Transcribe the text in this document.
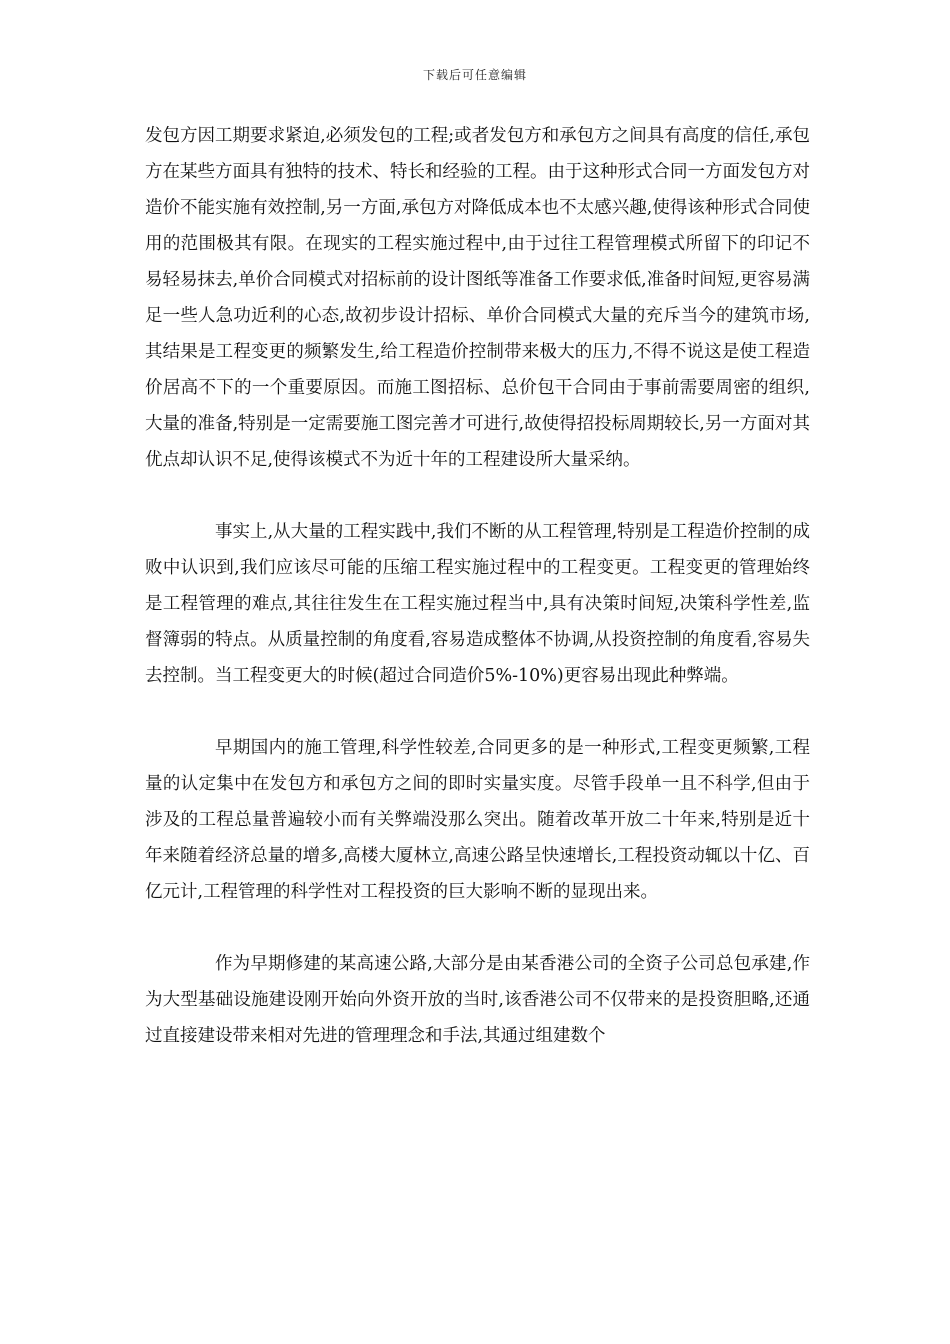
下载后可任意编辑

发包方因工期要求紧迫,必须发包的工程;或者发包方和承包方之间具有高度的信任,承包方在某些方面具有独特的技术、特长和经验的工程。由于这种形式合同一方面发包方对造价不能实施有效控制,另一方面,承包方对降低成本也不太感兴趣,使得该种形式合同使用的范围极其有限。在现实的工程实施过程中,由于过往工程管理模式所留下的印记不易轻易抹去,单价合同模式对招标前的设计图纸等准备工作要求低,准备时间短,更容易满足一些人急功近利的心态,故初步设计招标、单价合同模式大量的充斥当今的建筑市场,其结果是工程变更的频繁发生,给工程造价控制带来极大的压力,不得不说这是使工程造价居高不下的一个重要原因。而施工图招标、总价包干合同由于事前需要周密的组织,大量的准备,特别是一定需要施工图完善才可进行,故使得招投标周期较长,另一方面对其优点却认识不足,使得该模式不为近十年的工程建设所大量采纳。

事实上,从大量的工程实践中,我们不断的从工程管理,特别是工程造价控制的成败中认识到,我们应该尽可能的压缩工程实施过程中的工程变更。工程变更的管理始终是工程管理的难点,其往往发生在工程实施过程当中,具有决策时间短,决策科学性差,监督簿弱的特点。从质量控制的角度看,容易造成整体不协调,从投资控制的角度看,容易失去控制。当工程变更大的时候(超过合同造价5%-10%)更容易出现此种弊端。

早期国内的施工管理,科学性较差,合同更多的是一种形式,工程变更频繁,工程量的认定集中在发包方和承包方之间的即时实量实度。尽管手段单一且不科学,但由于涉及的工程总量普遍较小而有关弊端没那么突出。随着改革开放二十年来,特别是近十年来随着经济总量的增多,高楼大厦林立,高速公路呈快速增长,工程投资动辄以十亿、百亿元计,工程管理的科学性对工程投资的巨大影响不断的显现出来。

作为早期修建的某高速公路,大部分是由某香港公司的全资子公司总包承建,作为大型基础设施建设刚开始向外资开放的当时,该香港公司不仅带来的是投资胆略,还通过直接建设带来相对先进的管理理念和手法,其通过组建数个
